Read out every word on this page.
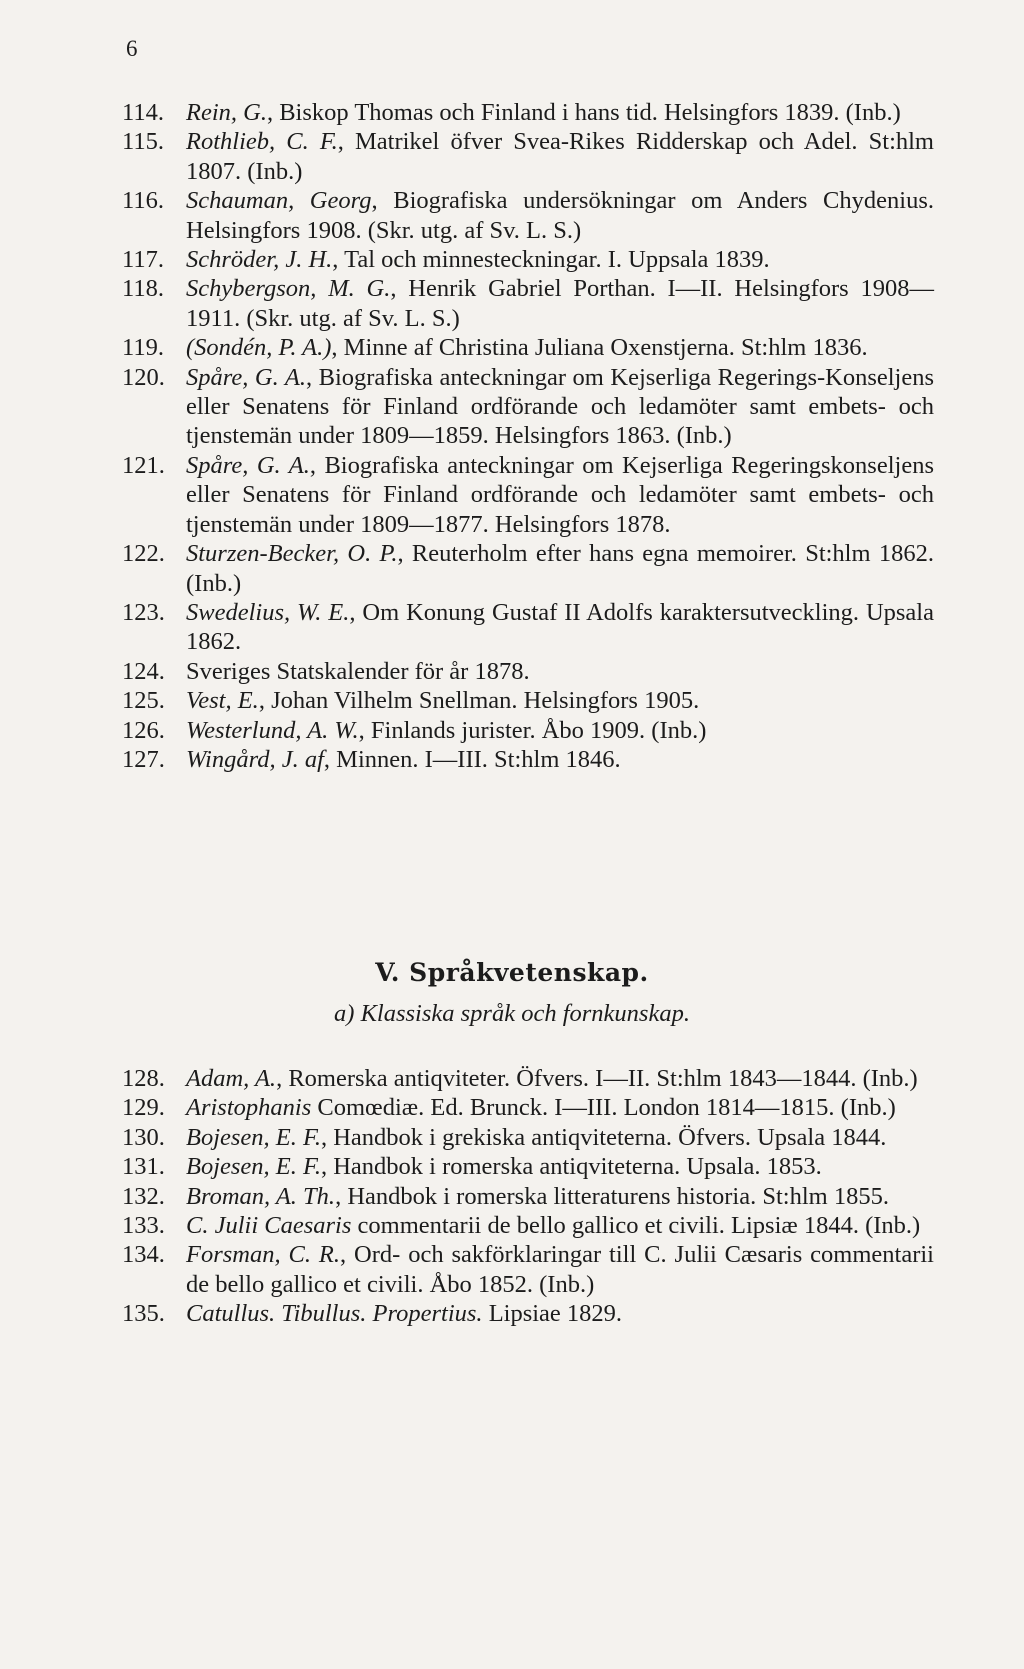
6
114. Rein, G., Biskop Thomas och Finland i hans tid. Helsingfors 1839. (Inb.)
115. Rothlieb, C. F., Matrikel öfver Svea-Rikes Ridderskap och Adel. St:hlm 1807. (Inb.)
116. Schauman, Georg, Biografiska undersökningar om Anders Chydenius. Helsingfors 1908. (Skr. utg. af Sv. L. S.)
117. Schröder, J. H., Tal och minnesteckningar. I. Uppsala 1839.
118. Schybergson, M. G., Henrik Gabriel Porthan. I—II. Helsingfors 1908—1911. (Skr. utg. af Sv. L. S.)
119. (Sondén, P. A.), Minne af Christina Juliana Oxenstjerna. St:hlm 1836.
120. Spåre, G. A., Biografiska anteckningar om Kejserliga Regerings-Konseljens eller Senatens för Finland ordförande och ledamöter samt embets- och tjenstemän under 1809—1859. Helsingfors 1863. (Inb.)
121. Spåre, G. A., Biografiska anteckningar om Kejserliga Regeringskonseljens eller Senatens för Finland ordförande och ledamöter samt embets- och tjenstemän under 1809—1877. Helsingfors 1878.
122. Sturzen-Becker, O. P., Reuterholm efter hans egna memoirer. St:hlm 1862. (Inb.)
123. Swedelius, W. E., Om Konung Gustaf II Adolfs karaktersutveckling. Upsala 1862.
124. Sveriges Statskalender för år 1878.
125. Vest, E., Johan Vilhelm Snellman. Helsingfors 1905.
126. Westerlund, A. W., Finlands jurister. Åbo 1909. (Inb.)
127. Wingård, J. af, Minnen. I—III. St:hlm 1846.
V. Språkvetenskap.
a) Klassiska språk och fornkunskap.
128. Adam, A., Romerska antiqviteter. Öfvers. I—II. St:hlm 1843—1844. (Inb.)
129. Aristophanis Comœdiæ. Ed. Brunck. I—III. London 1814—1815. (Inb.)
130. Bojesen, E. F., Handbok i grekiska antiqviteterna. Öfvers. Upsala 1844.
131. Bojesen, E. F., Handbok i romerska antiqviteterna. Upsala. 1853.
132. Broman, A. Th., Handbok i romerska litteraturens historia. St:hlm 1855.
133. C. Julii Caesaris commentarii de bello gallico et civili. Lipsiæ 1844. (Inb.)
134. Forsman, C. R., Ord- och sakförklaringar till C. Julii Cæsaris commentarii de bello gallico et civili. Åbo 1852. (Inb.)
135. Catullus. Tibullus. Propertius. Lipsiae 1829.
